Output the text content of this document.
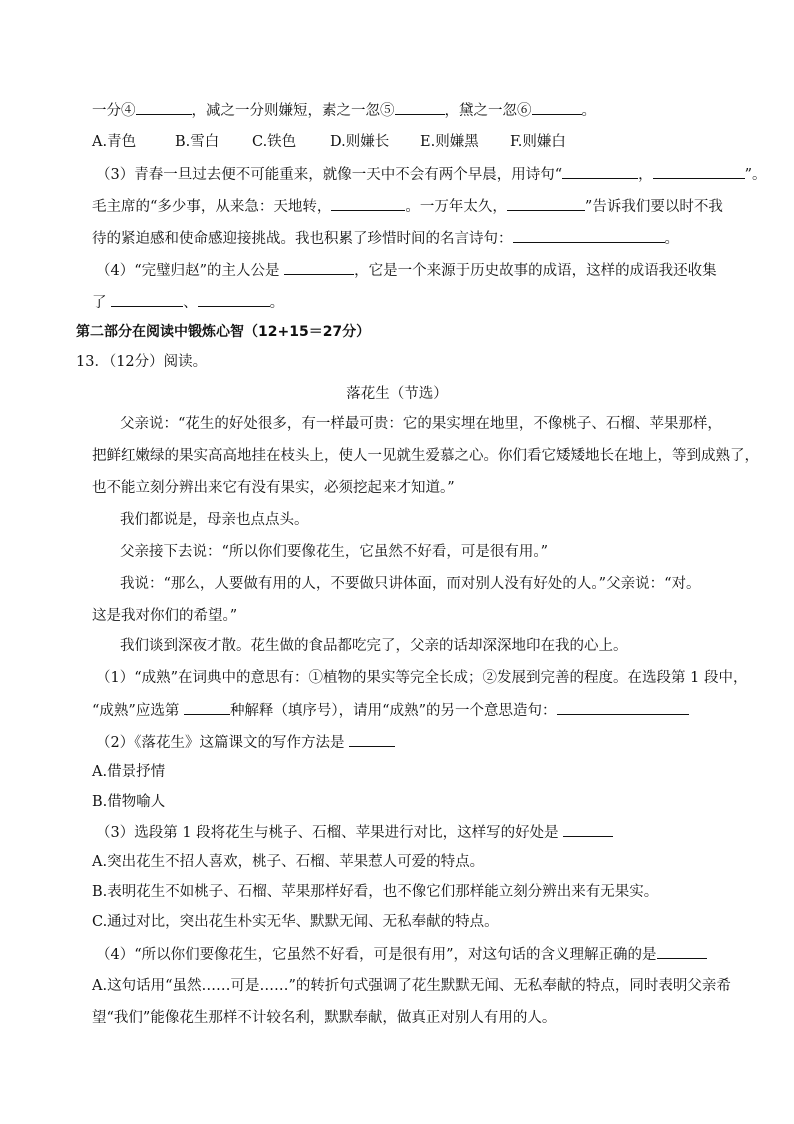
一分④	，减之一分则嫌短，素之一忽⑤	，黛之一忽⑥	。

A.青色	B.雪白 C.铁色 D.则嫌长 E.则嫌黑 F.则嫌白

（3）青春一旦过去便不可能重来，就像一天中不会有两个早晨，用诗句“	，	”。

毛主席的“多少事，从来急：天地转，	。一万年太久，	”告诉我们要以时不我

待的紧迫感和使命感迎接挑战。我也积累了珍惜时间的名言诗句：	。

（4）“完璧归赵”的主人公是	，它是一个来源于历史故事的成语，这样的成语我还收集

了	、	。

第二部分在阅读中锻炼心智（12+15＝27分）

13．（12分）阅读。

落花生（节选）

父亲说：“花生的好处很多，有一样最可贵：它的果实埋在地里，不像桃子、石榴、苹果那样，

把鲜红嫩绿的果实高高地挂在枝头上，使人一见就生爱慕之心。你们看它矮矮地长在地上，等到成熟了，

也不能立刻分辨出来它有没有果实，必须挖起来才知道。”

我们都说是，母亲也点点头。

父亲接下去说：“所以你们要像花生，它虽然不好看，可是很有用。”

我说：“那么，人要做有用的人，不要做只讲体面，而对别人没有好处的人。”父亲说：“对。

这是我对你们的希望。”

我们谈到深夜才散。花生做的食品都吃完了，父亲的话却深深地印在我的心上。

（1）“成熟”在词典中的意思有：①植物的果实等完全长成；②发展到完善的程度。在选段第 1 段中，

“成熟”应选第	种解释（填序号），请用“成熟”的另一个意思造句：

（2）《落花生》这篇课文的写作方法是

A.借景抒情

B.借物喻人

（3）选段第 1 段将花生与桃子、石榴、苹果进行对比，这样写的好处是

A.突出花生不招人喜欢，桃子、石榴、苹果惹人可爱的特点。

B.表明花生不如桃子、石榴、苹果那样好看，也不像它们那样能立刻分辨出来有无果实。

C.通过对比，突出花生朴实无华、默默无闻、无私奉献的特点。

（4）“所以你们要像花生，它虽然不好看，可是很有用”，对这句话的含义理解正确的是

A.这句话用“虽然……可是……”的转折句式强调了花生默默无闻、无私奉献的特点，同时表明父亲希

望“我们”能像花生那样不计较名利，默默奉献，做真正对别人有用的人。
